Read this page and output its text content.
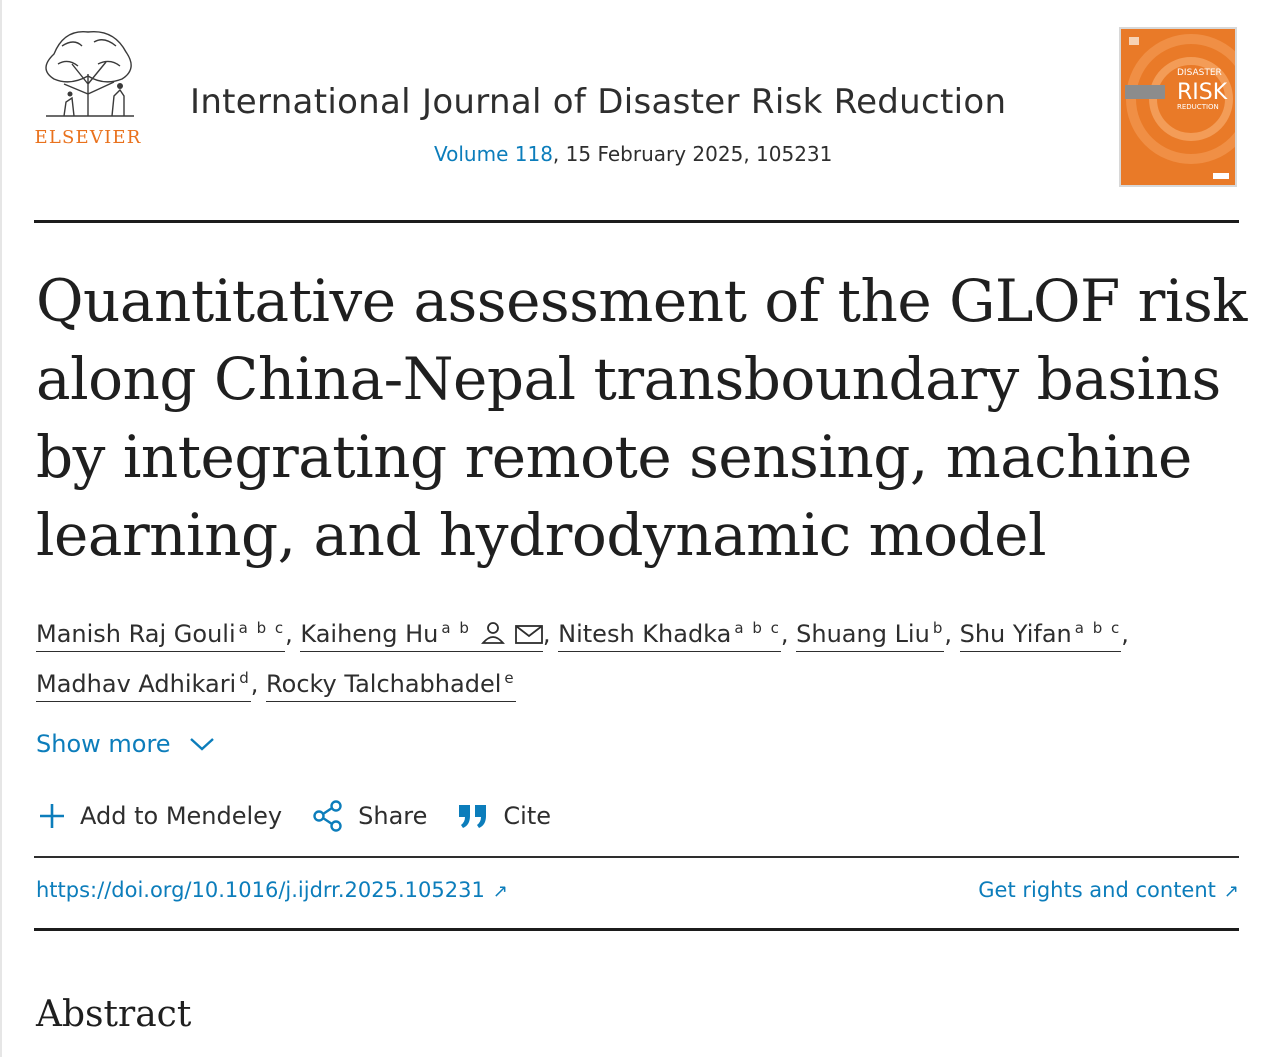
ELSEVIER
International Journal of Disaster Risk Reduction
Volume 118, 15 February 2025, 105231
DISASTER
RISK
REDUCTION
Quantitative assessment of the GLOF risk along China-Nepal transboundary basins by integrating remote sensing, machine learning, and hydrodynamic model
Manish Raj Gouli $^{a b c}$, Kaiheng Hu $^{a b}$	, Nitesh Khadka $^{a b c}$, Shuang Liu $^b$, Shu Yifan $^{a b c}$,
Madhav Adhikari $^d$, Rocky Talchabhadel $^e$
Show more
Add to Mendeley	Share	Cite
https://doi.org/10.1016/j.ijdrr.2025.105231 ↗	Get rights and content ↗
Abstract
